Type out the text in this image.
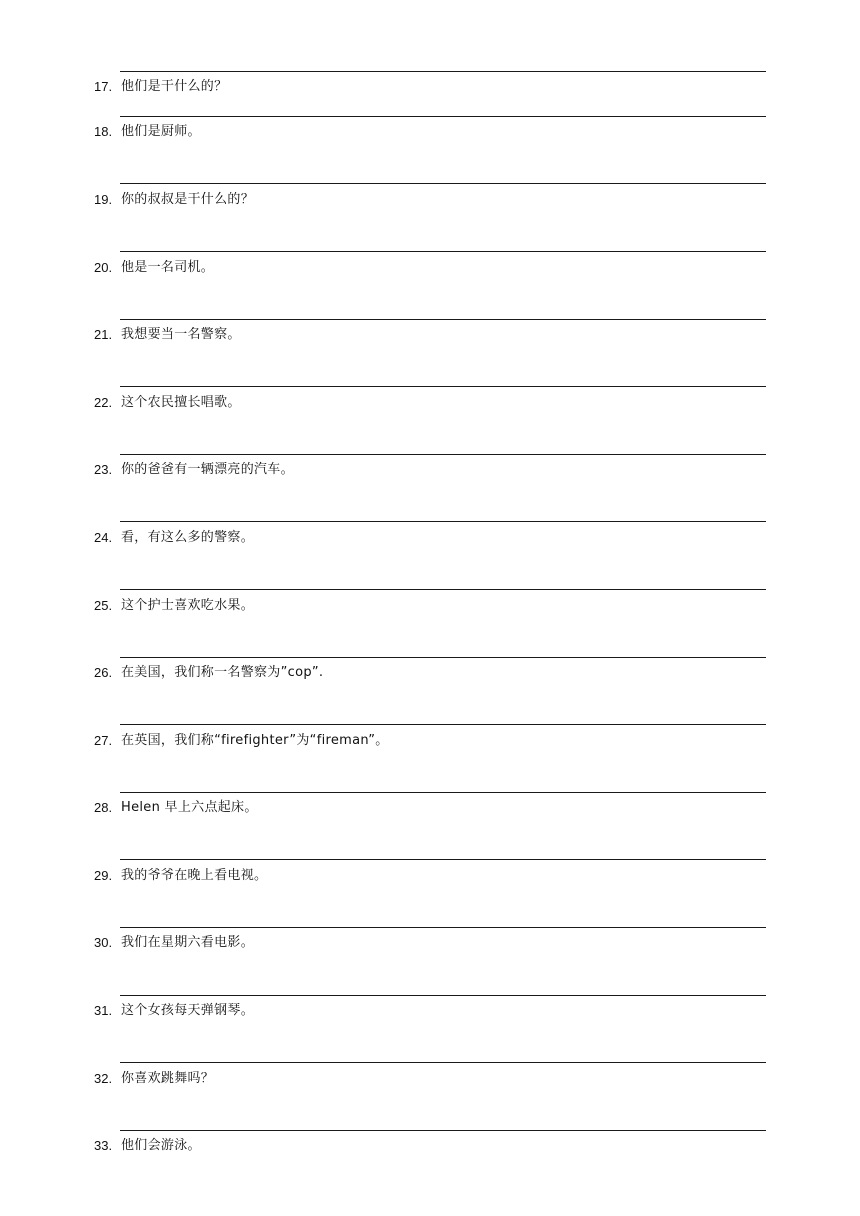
17. 他们是干什么的？
18. 他们是厨师。
19. 你的叔叔是干什么的？
20. 他是一名司机。
21. 我想要当一名警察。
22. 这个农民擅长唱歌。
23. 你的爸爸有一辆漂亮的汽车。
24. 看，有这么多的警察。
25. 这个护士喜欢吃水果。
26. 在美国，我们称一名警察为”cop”.
27. 在英国，我们称“firefighter”为“fireman”。
28. Helen 早上六点起床。
29. 我的爷爷在晚上看电视。
30. 我们在星期六看电影。
31. 这个女孩每天弹钢琴。
32. 你喜欢跳舞吗？
33. 他们会游泳。
